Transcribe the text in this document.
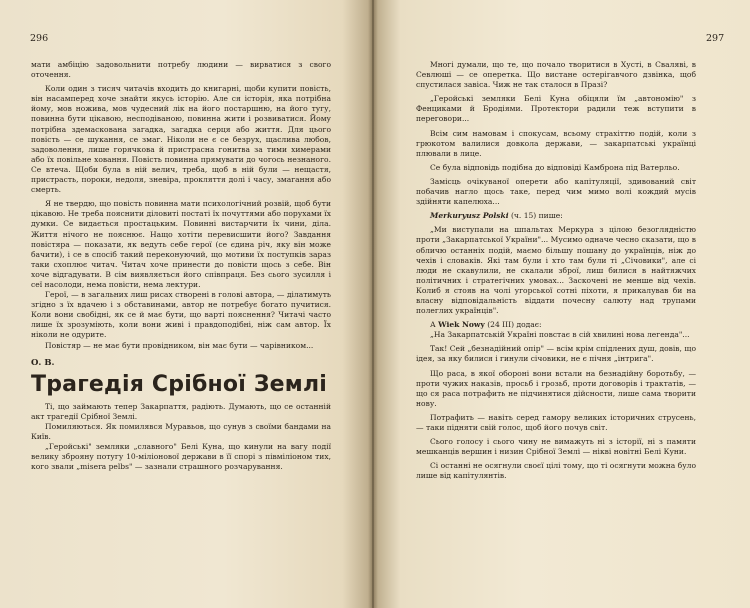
296

мати амбіцію задовольнити потребу людини — вирватися з свого оточення.

Коли один з тисяч читачів входить до книгарні, щоби купити повість, він насамперед хоче знайти якусь історію. Але ся історія, яка потрібна йому, мов ножива, мов чудесний лік на його постаршню, на його тугу, повинна бути цікавою, несподіваною, повинна жити і розвиватися. Йому потрібна здемаскована загадка, загадка серця або життя. Для цього повість — се шукання, се змаг. Ніколи не є се безрух, щаслива любов, задоволення, лише горячкова й пристрасна гонитва за тими химерами або їх повільне ховання. Повість повинна прямувати до чогось незнаного. Се втеча. Щоби була в ній велич, треба, щоб в ній були — нещастя, пристрасть, пороки, недоля, зневіра, прокляття долі і часу, змагання або смерть.

Я не твердю, що повість повинна мати психологічний розвій, щоб бути цікавою. Не треба пояснити діловиті постаті їх почуттями або порухами їх думки. Се видається простацьким. Повинні вистарчити їх чини, діла. Життя нічого не пояснює. Нащо хотіти перевисшити його? Завдання повістяра — показати, як ведуть себе герої (се єдина річ, яку він може бачити), і се в спосіб такий переконуючий, що мотиви їх поступків зараз таки схоплює читач. Читач хоче принести до повісти щось з себе. Він хоче відгадувати. В сім виявляється його співпраця. Без сього зусилля і сеї насолоди, нема повісти, нема лектури.

Герої, — в загальних лиш рисах створені в голові автора, — ділатимуть згідно з їх вдачею і з обставинами, автор не потребує богато пучитися. Коли вони свобідні, як се й має бути, що варті пояснення? Читачі часто лише їх зрозуміють, коли вони живі і правдоподібні, ніж сам автор. Їх ніколи не одурите.

Повістяр — не має бути провідником, він має бути — чарівником...

О. В.

Трагедія Срібної Землі

Ті, що займають тепер Закарпаття, радіють. Думають, що се останній акт трагедії Срібної Землі.

Помиляються. Як помилявся Муравьов, що сунув з своїми бандами на Київ.

„Геройські" земляки „славного" Белі Куна, що кинули на вагу події велику зброяну потугу 10-міліонової держави в її спорі з півміліоном тих, кого звали „misera pelbs" — зазнали страшного розчарування.

297

Многі думали, що те, що почало творитися в Хусті, в Сваляві, в Севлюші — се оперетка. Що вистане остерігавчого дзвінка, щоб спустилася завіса. Чиж не так сталося в Празі?

„Геройські земляки Белі Куна обіцяли їм „автономію" з Фенциками й Бродіями. Протектори радили теж вступити в переговори...

Всім сим намовам і спокусам, всьому страхіттю подій, коли з грюкотом валилися довкола держави, — закарпатські українці плювали в лице.

Се була відповідь подібна до відповіді Камброна під Ватерльо.

Замісць очікуваної оперети або капітуляції, здивований світ побачив нагло щось таке, перед чим мимо волі кождий мусів здійняти капелюха...

Merkuryusz Polski (ч. 15) пише:

„Ми виступали на шпальтах Меркура з цілою безоглядністю проти „Закарпатської України"... Мусимо одначе чесно сказати, що в обличю останніх подій, маємо більшу пошану до українців, ніж до чехів і словаків. Які там були і хто там були ті „Січовики", але сі люди не скавулили, не скалали зброї, лиш билися в найтяжчих політичних і стратегічних умовах... Заскочені не менше від чехів. Колиб я стояв на чолі угорської сотні піхоти, я прикалував би на власну відповідальність віддати почесну салюту над трупами полеглих українців".

А Wiek Nowy (24 ІІІ) додає:

„На Закарпатській Україні повстає в сій хвилині нова легенда"...

Так! Сей „безнадійний опір" — всім крім спідлених душ, довів, що ідея, за яку билися і гинули січовики, не є пічня „інтрига".

Що раса, в якої обороні вони встали на безнадійну боротьбу, — проти чужих наказів, просьб і грозьб, проти договорів і трактатів, — що ся раса потрафить не підчинятися дійсности, лише сама творити нову.

Потрафить — навіть серед гамору великих історичних струсень, — таки підняти свій голос, щоб його почув світ.

Сього голосу і сього чину не вимажуть ні з історії, ні з памяти мешканців вершин і низин Срібної Землі — нікві новітні Белі Куни.

Сі останні не осягнули своєї цілі тому, що ті осягнути можна було лише від капітулянтів.
